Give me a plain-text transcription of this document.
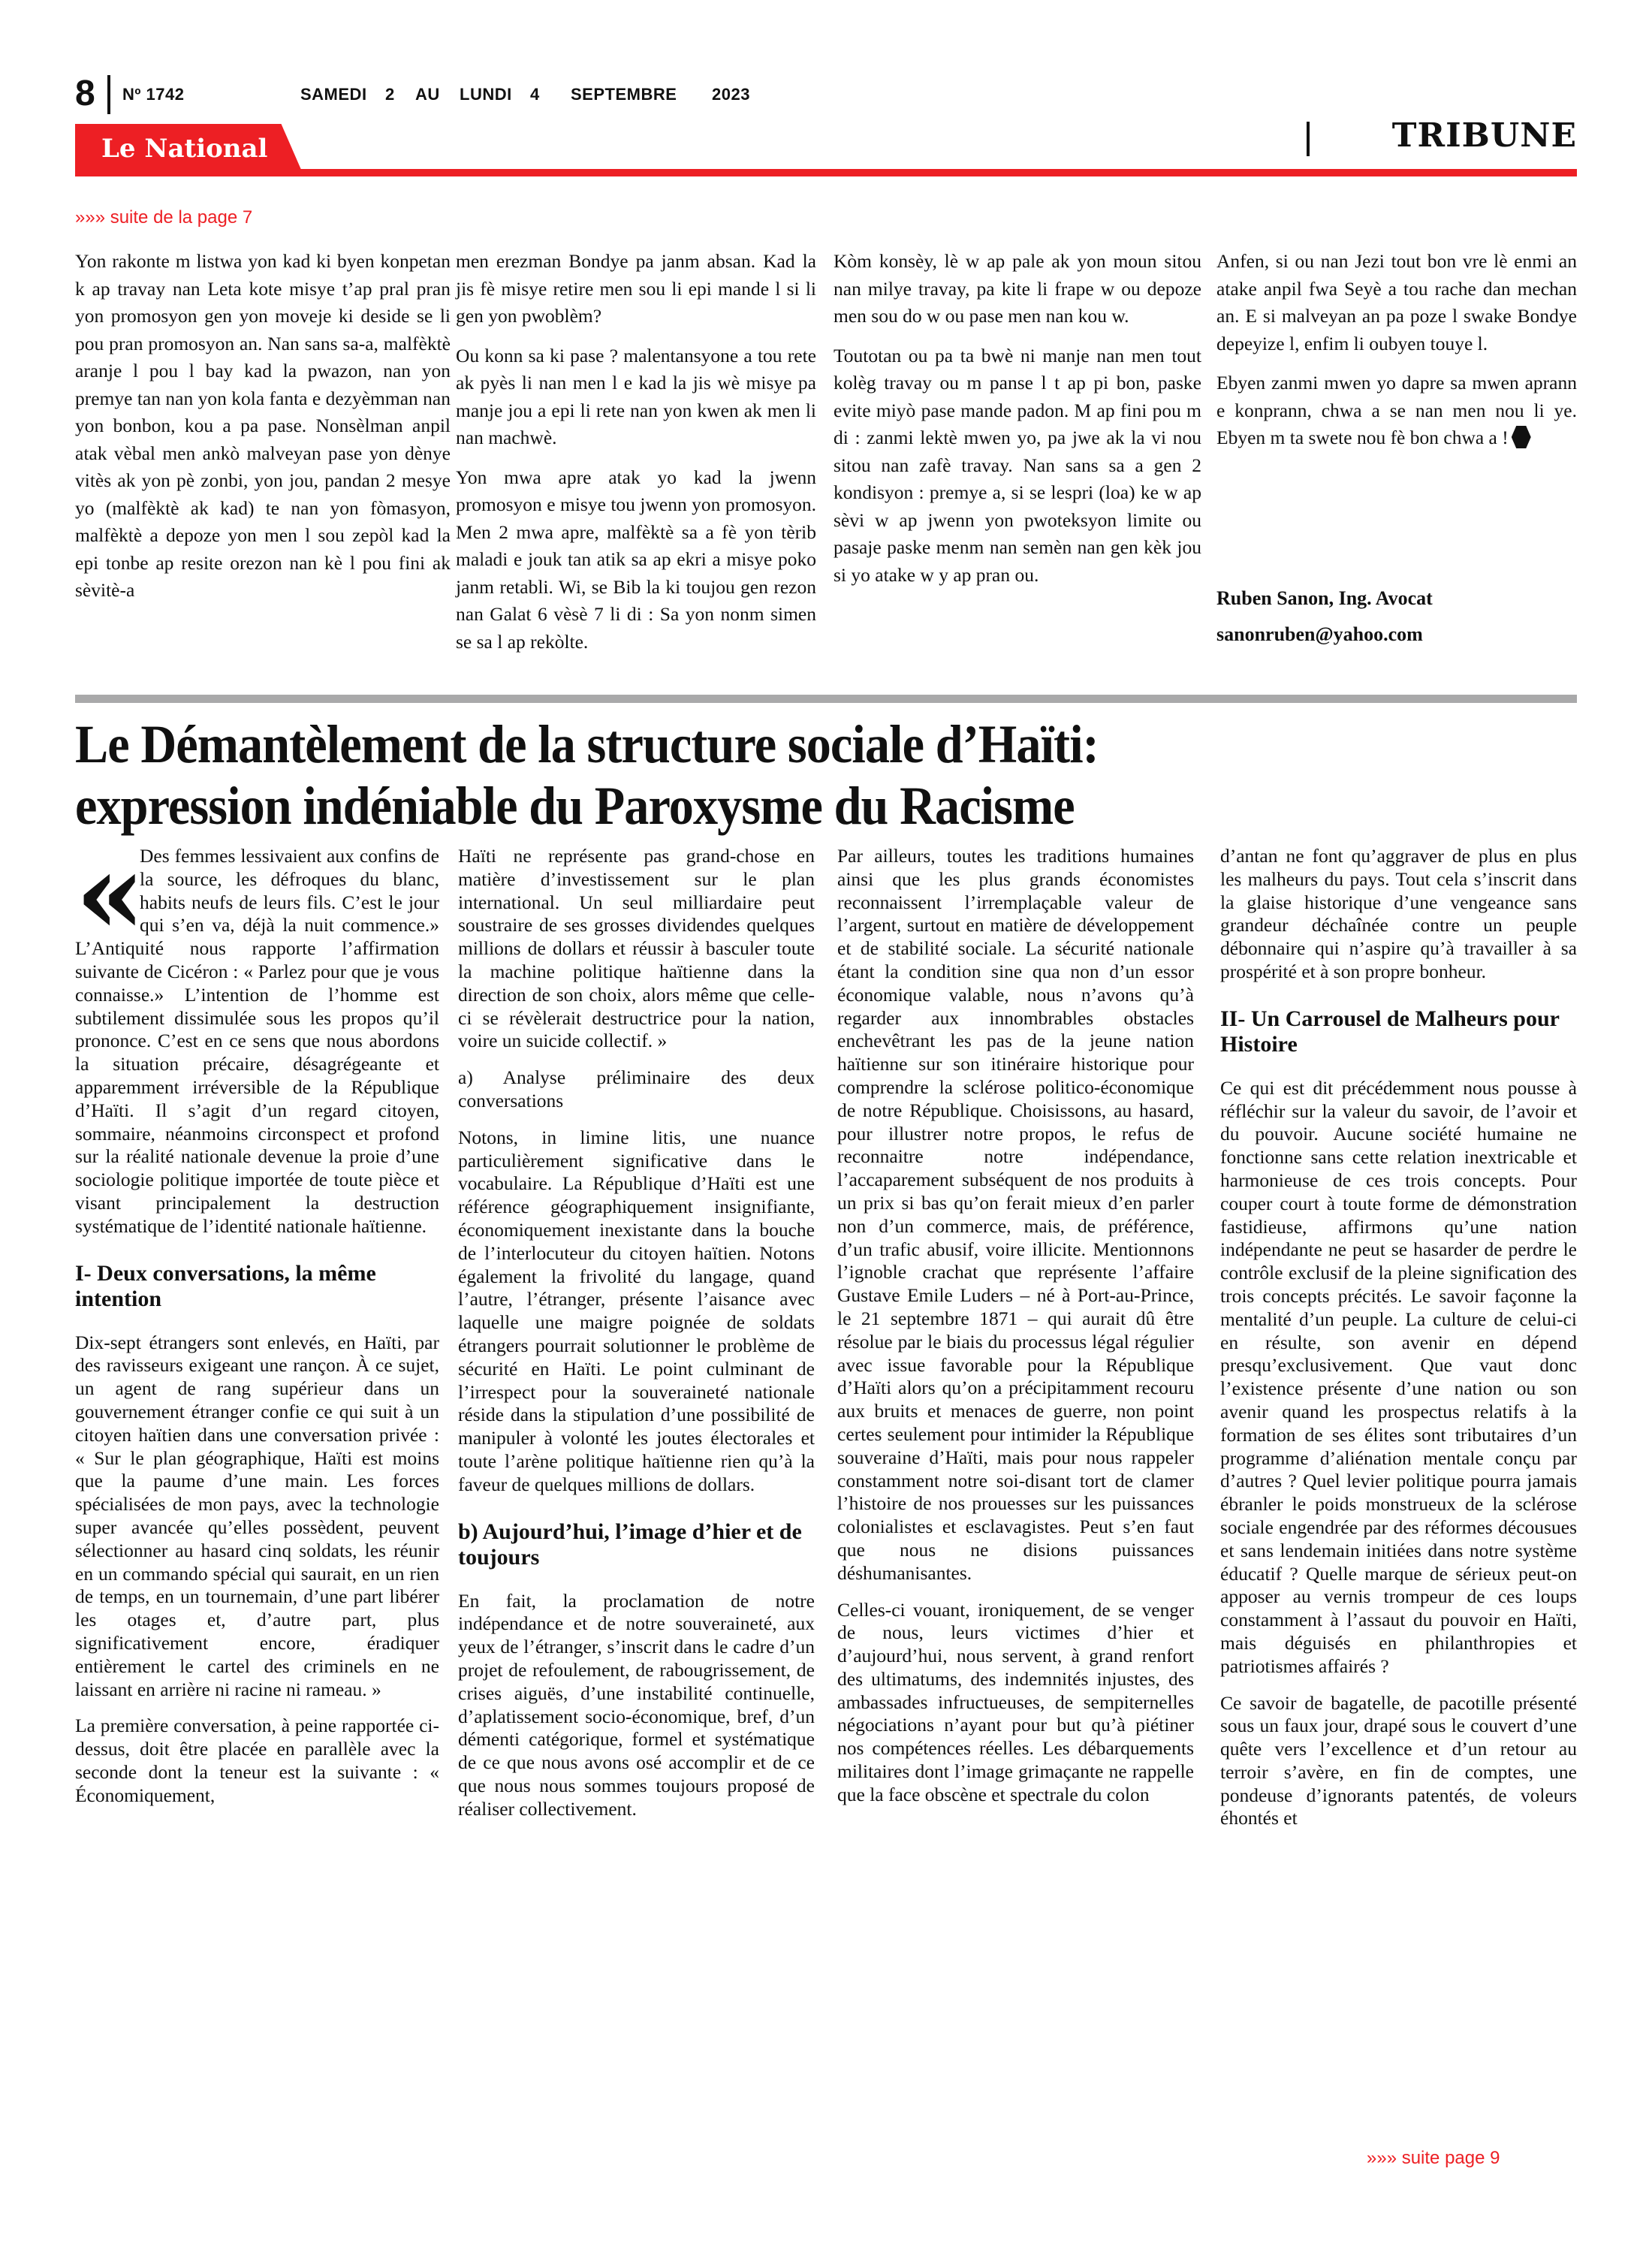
8 Nº 1742	SAMEDI 2 AU LUNDI 4 SEPTEMBRE 2023
Le National	TRIBUNE
»»» suite de la page 7

Yon rakonte m listwa yon kad ki byen konpetan k ap travay nan Leta kote misye t’ap pral pran yon promosyon gen yon moveje ki deside se li pou pran promosyon an. Nan sans sa-a, malfèktè aranje l pou l bay kad la pwazon, nan yon premye tan nan yon kola fanta e dezyèmman nan yon bonbon, kou a pa pase. Nonsèlman anpil atak vèbal men ankò malveyan pase yon dènye vitès ak yon pè zonbi, yon jou, pandan 2 mesye yo (malfèktè ak kad) te nan yon fòmasyon, malfèktè a depoze yon men l sou zepòl kad la epi tonbe ap resite orezon nan kè l pou fini ak sèvitè-a

men erezman Bondye pa janm absan. Kad la jis fè misye retire men sou li epi mande l si li gen yon pwoblèm?

Ou konn sa ki pase ? malentansyone a tou rete ak pyès li nan men l e kad la jis wè misye pa manje jou a epi li rete nan yon kwen ak men li nan machwè.

Yon mwa apre atak yo kad la jwenn promosyon e misye tou jwenn yon promosyon. Men 2 mwa apre, malfèktè sa a fè yon tèrib maladi e jouk tan atik sa ap ekri a misye poko janm retabli. Wi, se Bib la ki toujou gen rezon nan Galat 6 vèsè 7 li di : Sa yon nonm simen se sa l ap rekòlte.

Kòm konsèy, lè w ap pale ak yon moun sitou nan milye travay, pa kite li frape w ou depoze men sou do w ou pase men nan kou w.

Toutotan ou pa ta bwè ni manje nan men tout kolèg travay ou m panse l t ap pi bon, paske evite miyò pase mande padon. M ap fini pou m di : zanmi lektè mwen yo, pa jwe ak la vi nou sitou nan zafè travay. Nan sans sa a gen 2 kondisyon : premye a, si se lespri (loa) ke w ap sèvi w ap jwenn yon pwoteksyon limite ou pasaje paske menm nan semèn nan gen kèk jou si yo atake w y ap pran ou.

Anfen, si ou nan Jezi tout bon vre lè enmi an atake anpil fwa Seyè a tou rache dan mechan an. E si malveyan an pa poze l swake Bondye depeyize l, enfim li oubyen touye l.

Ebyen zanmi mwen yo dapre sa mwen aprann e konprann, chwa a se nan men nou li ye. Ebyen m ta swete nou fè bon chwa a !

Ruben Sanon, Ing. Avocat
sanonruben@yahoo.com
Le Démantèlement de la structure sociale d’Haïti:
expression indéniable du Paroxysme du Racisme

«
Des femmes lessivaient aux confins de la source, les défroques du blanc, habits neufs de leurs fils. C’est le jour qui s’en va, déjà la nuit commence.» L’Antiquité nous rapporte l’affirmation suivante de Cicéron : « Parlez pour que je vous connaisse.» L’intention de l’homme est subtilement dissimulée sous les propos qu’il prononce. C’est en ce sens que nous abordons la situation précaire, désagrégeante et apparemment irréversible de la République d’Haïti. Il s’agit d’un regard citoyen, sommaire, néanmoins circonspect et profond sur la réalité nationale devenue la proie d’une sociologie politique importée de toute pièce et visant principalement la destruction systématique de l’identité nationale haïtienne.

I- Deux conversations, la même intention

Dix-sept étrangers sont enlevés, en Haïti, par des ravisseurs exigeant une rançon. À ce sujet, un agent de rang supérieur dans un gouvernement étranger confie ce qui suit à un citoyen haïtien dans une conversation privée : « Sur le plan géographique, Haïti est moins que la paume d’une main. Les forces spécialisées de mon pays, avec la technologie super avancée qu’elles possèdent, peuvent sélectionner au hasard cinq soldats, les réunir en un commando spécial qui saurait, en un rien de temps, en un tournemain, d’une part libérer les otages et, d’autre part, plus significativement encore, éradiquer entièrement le cartel des criminels en ne laissant en arrière ni racine ni rameau. »

La première conversation, à peine rapportée ci-dessus, doit être placée en parallèle avec la seconde dont la teneur est la suivante : « Économiquement,

Haïti ne représente pas grand-chose en matière d’investissement sur le plan international. Un seul milliardaire peut soustraire de ses grosses dividendes quelques millions de dollars et réussir à basculer toute la machine politique haïtienne dans la direction de son choix, alors même que celle-ci se révèlerait destructrice pour la nation, voire un suicide collectif. »

a) Analyse préliminaire des deux conversations

Notons, in limine litis, une nuance particulièrement significative dans le vocabulaire. La République d’Haïti est une référence géographiquement insignifiante, économiquement inexistante dans la bouche de l’interlocuteur du citoyen haïtien. Notons également la frivolité du langage, quand l’autre, l’étranger, présente l’aisance avec laquelle une maigre poignée de soldats étrangers pourrait solutionner le problème de sécurité en Haïti. Le point culminant de l’irrespect pour la souveraineté nationale réside dans la stipulation d’une possibilité de manipuler à volonté les joutes électorales et toute l’arène politique haïtienne rien qu’à la faveur de quelques millions de dollars.

b) Aujourd’hui, l’image d’hier et de toujours

En fait, la proclamation de notre indépendance et de notre souveraineté, aux yeux de l’étranger, s’inscrit dans le cadre d’un projet de refoulement, de rabougrissement, de crises aiguës, d’une instabilité continuelle, d’aplatissement socio-économique, bref, d’un démenti catégorique, formel et systématique de ce que nous avons osé accomplir et de ce que nous nous sommes toujours proposé de réaliser collectivement.

Par ailleurs, toutes les traditions humaines ainsi que les plus grands économistes reconnaissent l’irremplaçable valeur de l’argent, surtout en matière de développement et de stabilité sociale. La sécurité nationale étant la condition sine qua non d’un essor économique valable, nous n’avons qu’à regarder aux innombrables obstacles enchevêtrant les pas de la jeune nation haïtienne sur son itinéraire historique pour comprendre la sclérose politico-économique de notre République. Choisissons, au hasard, pour illustrer notre propos, le refus de reconnaitre notre indépendance, l’accaparement subséquent de nos produits à un prix si bas qu’on ferait mieux d’en parler non d’un commerce, mais, de préférence, d’un trafic abusif, voire illicite. Mentionnons l’ignoble crachat que représente l’affaire Gustave Emile Luders – né à Port-au-Prince, le 21 septembre 1871 – qui aurait dû être résolue par le biais du processus légal régulier avec issue favorable pour la République d’Haïti alors qu’on a précipitamment recouru aux bruits et menaces de guerre, non point certes seulement pour intimider la République souveraine d’Haïti, mais pour nous rappeler constamment notre soi-disant tort de clamer l’histoire de nos prouesses sur les puissances colonialistes et esclavagistes. Peut s’en faut que nous ne disions puissances déshumanisantes.

Celles-ci vouant, ironiquement, de se venger de nous, leurs victimes d’hier et d’aujourd’hui, nous servent, à grand renfort des ultimatums, des indemnités injustes, des ambassades infructueuses, de sempiternelles négociations n’ayant pour but qu’à piétiner nos compétences réelles. Les débarquements militaires dont l’image grimaçante ne rappelle que la face obscène et spectrale du colon

d’antan ne font qu’aggraver de plus en plus les malheurs du pays. Tout cela s’inscrit dans la glaise historique d’une vengeance sans grandeur déchaînée contre un peuple débonnaire qui n’aspire qu’à travailler à sa prospérité et à son propre bonheur.

II- Un Carrousel de Malheurs pour Histoire

Ce qui est dit précédemment nous pousse à réfléchir sur la valeur du savoir, de l’avoir et du pouvoir. Aucune société humaine ne fonctionne sans cette relation inextricable et harmonieuse de ces trois concepts. Pour couper court à toute forme de démonstration fastidieuse, affirmons qu’une nation indépendante ne peut se hasarder de perdre le contrôle exclusif de la pleine signification des trois concepts précités. Le savoir façonne la mentalité d’un peuple. La culture de celui-ci en résulte, son avenir en dépend presqu’exclusivement. Que vaut donc l’existence présente d’une nation ou son avenir quand les prospectus relatifs à la formation de ses élites sont tributaires d’un programme d’aliénation mentale conçu par d’autres ? Quel levier politique pourra jamais ébranler le poids monstrueux de la sclérose sociale engendrée par des réformes décousues et sans lendemain initiées dans notre système éducatif ? Quelle marque de sérieux peut-on apposer au vernis trompeur de ces loups constamment à l’assaut du pouvoir en Haïti, mais déguisés en philanthropies et patriotismes affairés ?

Ce savoir de bagatelle, de pacotille présenté sous un faux jour, drapé sous le couvert d’une quête vers l’excellence et d’un retour au terroir s’avère, en fin de comptes, une pondeuse d’ignorants patentés, de voleurs éhontés et

»»» suite page 9
